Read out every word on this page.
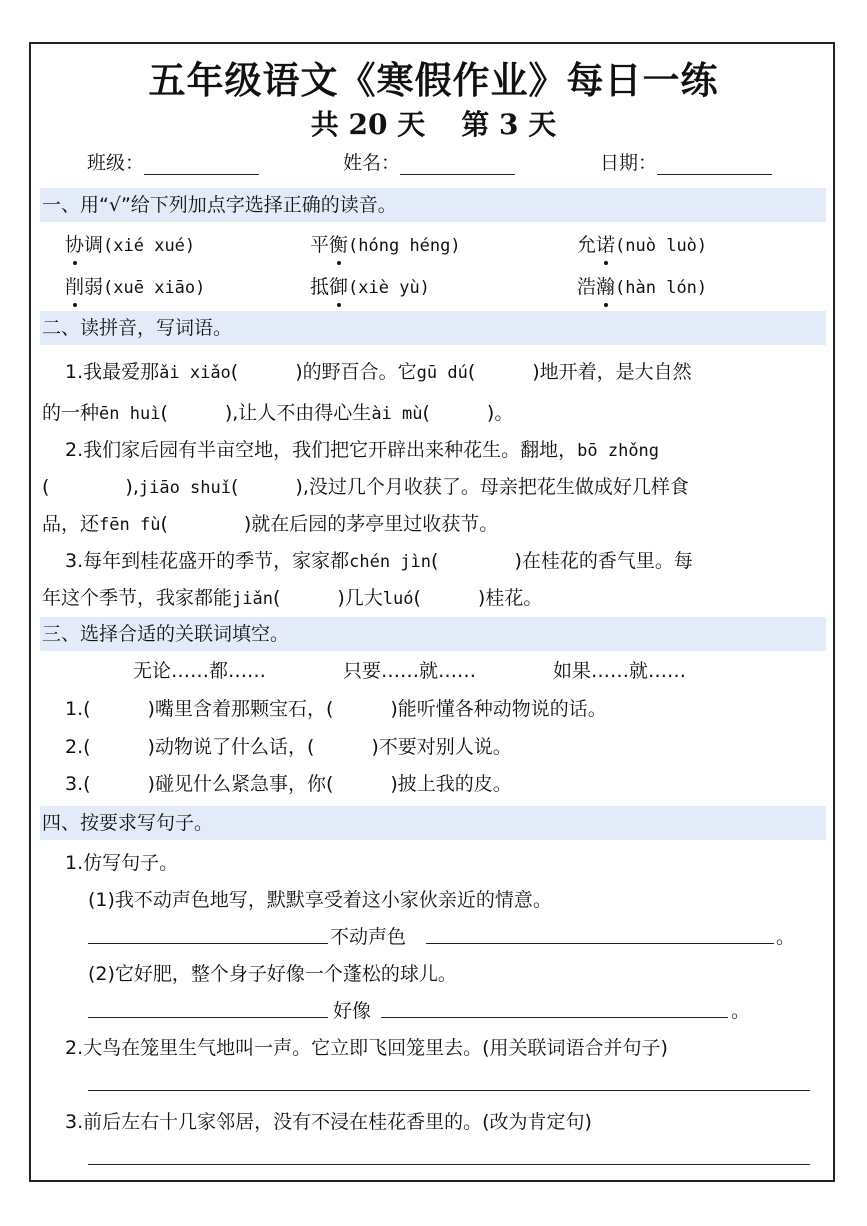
五年级语文《寒假作业》每日一练
共 20 天 第 3 天
班级：	姓名：	日期：
一、用“√”给下列加点字选择正确的读音。
协调(xié xué)	平衡(hóng héng)	允诺(nuò luò)
削弱(xuē xiāo)	抵御(xiè yù)	浩瀚(hàn lón)
二、读拼音，写词语。
1.我最爱那ǎi xiǎo(　　　)的野百合。它gū dú(　　　)地开着，是大自然
的一种ēn huì(　　　),让人不由得心生ài mù(　　　)。
2.我们家后园有半亩空地，我们把它开辟出来种花生。翻地，bō zhǒng
(　　　　),jiāo shuǐ(　　　),没过几个月收获了。母亲把花生做成好几样食
品，还fēn fù(　　　　)就在后园的茅亭里过收获节。
3.每年到桂花盛开的季节，家家都chén jìn(　　　　)在桂花的香气里。每
年这个季节，我家都能jiǎn(　　　)几大luó(　　　)桂花。
三、选择合适的关联词填空。
无论……都……	只要……就……	如果……就……
1.(　　　)嘴里含着那颗宝石，(　　　)能听懂各种动物说的话。
2.(　　　)动物说了什么话，(　　　)不要对别人说。
3.(　　　)碰见什么紧急事，你(　　　)披上我的皮。
四、按要求写句子。
1.仿写句子。
(1)我不动声色地写，默默享受着这小家伙亲近的情意。
不动声色	。
(2)它好肥，整个身子好像一个蓬松的球儿。
好像	。
2.大鸟在笼里生气地叫一声。它立即飞回笼里去。(用关联词语合并句子)
3.前后左右十几家邻居，没有不浸在桂花香里的。(改为肯定句)
